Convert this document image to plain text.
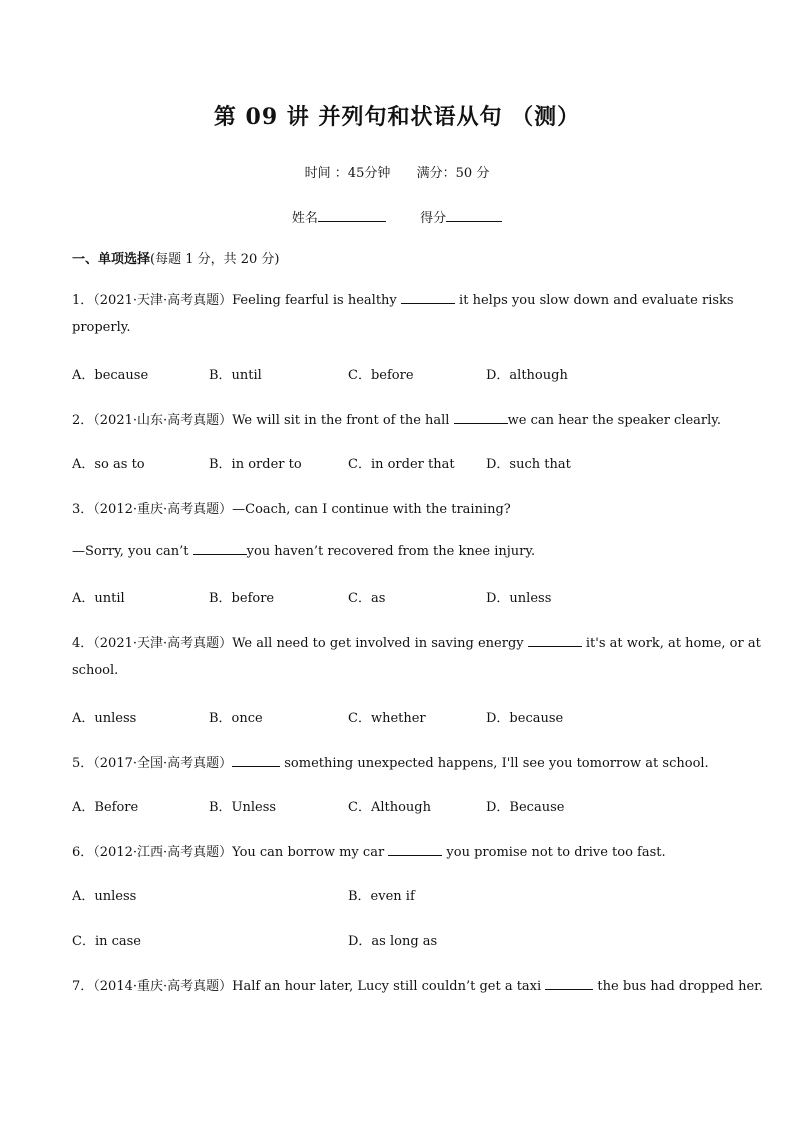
第 09 讲 并列句和状语从句 （测）
时间 ：45分钟 满分：50 分
姓名	得分
一、单项选择(每题 1 分，共 20 分)
1．（2021·天津·高考真题）Feeling fearful is healthy	it helps you slow down and evaluate risks
properly.
A．because	B．until	C．before	D．although
2．（2021·山东·高考真题）We will sit in the front of the hall	we can hear the speaker clearly.
A．so as to	B．in order to	C．in order that D．such that
3．（2012·重庆·高考真题）—Coach, can I continue with the training?
—Sorry, you can’t	you haven’t recovered from the knee injury.
A．until	B．before	C．as	D．unless
4．（2021·天津·高考真题）We all need to get involved in saving energy	it's at work, at home, or at
school.
A．unless	B．once	C．whether	D．because
5．（2017·全国·高考真题）	something unexpected happens, I'll see you tomorrow at school.
A．Before	B．Unless	C．Although	D．Because
6．（2012·江西·高考真题）You can borrow my car	you promise not to drive too fast.
A．unless	B．even if
C．in case	D．as long as
7．（2014·重庆·高考真题）Half an hour later, Lucy still couldn’t get a taxi	the bus had dropped her.
